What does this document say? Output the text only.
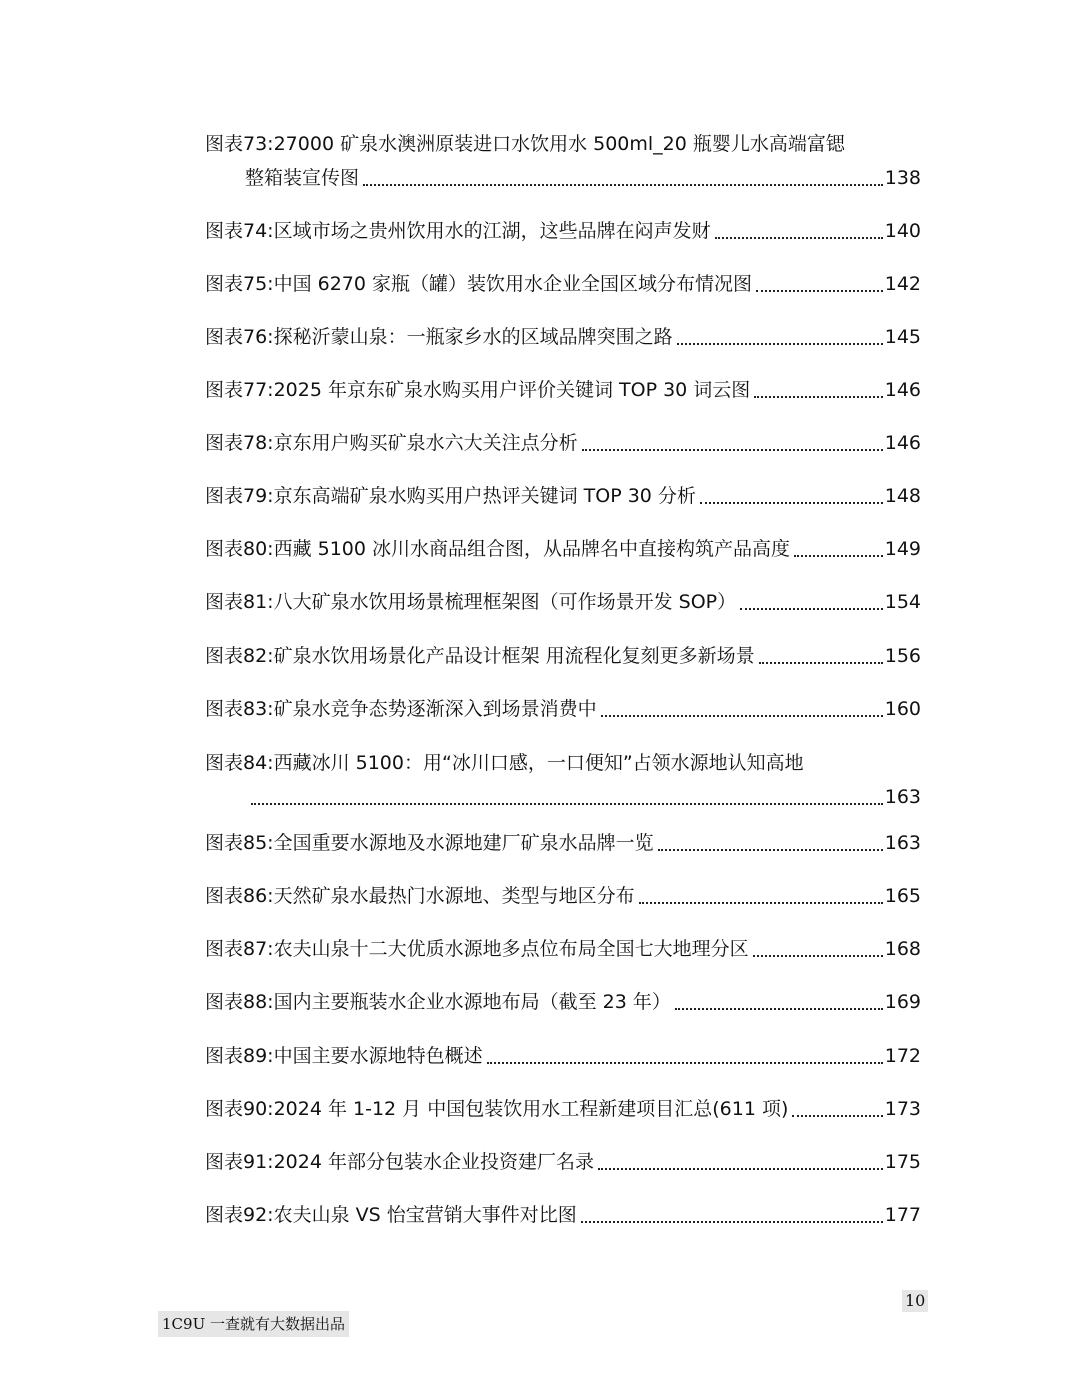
图表73: 27000 矿泉水澳洲原装进口水饮用水 500ml_20 瓶婴儿水高端富锶
整箱装宣传图	138
图表74: 区域市场之贵州饮用水的江湖，这些品牌在闷声发财	140
图表75: 中国 6270 家瓶（罐）装饮用水企业全国区域分布情况图	142
图表76: 探秘沂蒙山泉：一瓶家乡水的区域品牌突围之路	145
图表77: 2025 年京东矿泉水购买用户评价关键词 TOP 30 词云图	146
图表78: 京东用户购买矿泉水六大关注点分析	146
图表79: 京东高端矿泉水购买用户热评关键词 TOP 30 分析	148
图表80: 西藏 5100 冰川水商品组合图，从品牌名中直接构筑产品高度	149
图表81: 八大矿泉水饮用场景梳理框架图（可作场景开发 SOP）	154
图表82: 矿泉水饮用场景化产品设计框架 用流程化复刻更多新场景	156
图表83: 矿泉水竞争态势逐渐深入到场景消费中	160
图表84: 西藏冰川 5100：用“冰川口感，一口便知”占领水源地认知高地
163
图表85: 全国重要水源地及水源地建厂矿泉水品牌一览	163
图表86: 天然矿泉水最热门水源地、类型与地区分布	165
图表87: 农夫山泉十二大优质水源地多点位布局全国七大地理分区	168
图表88: 国内主要瓶装水企业水源地布局（截至 23 年）	169
图表89: 中国主要水源地特色概述	172
图表90: 2024 年 1-12 月 中国包装饮用水工程新建项目汇总(611 项)	173
图表91: 2024 年部分包装水企业投资建厂名录	175
图表92: 农夫山泉 VS 怡宝营销大事件对比图	177
10
1C9U 一查就有大数据出品
